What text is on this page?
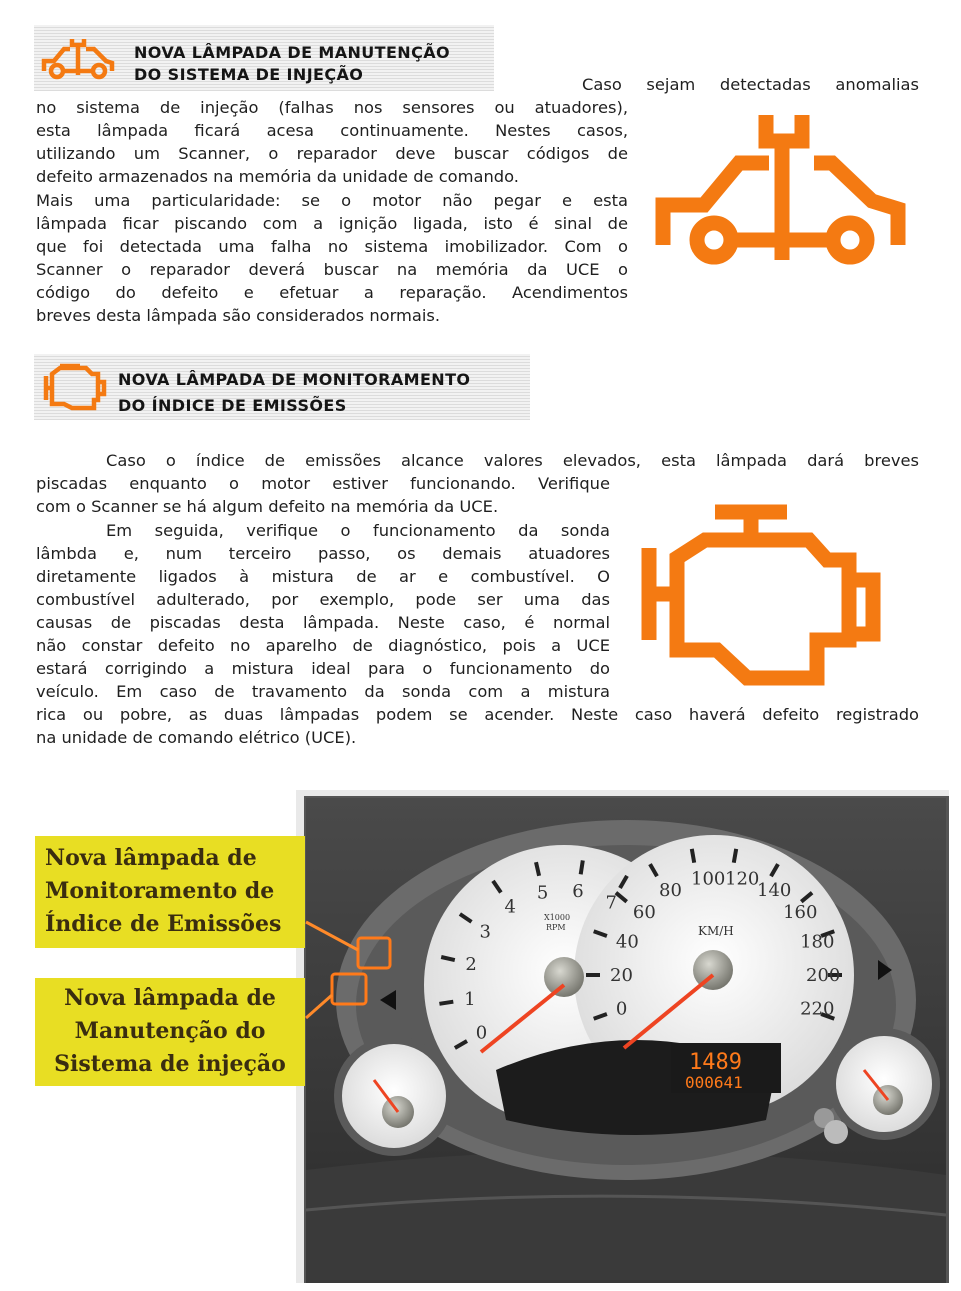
NOVA LÂMPADA DE MANUTENÇÃO
DO SISTEMA DE INJEÇÃO
Caso sejam detectadas anomalias
no sistema de injeção (falhas nos sensores ou atuadores),
esta lâmpada ficará acesa continuamente. Nestes casos,
utilizando um Scanner, o reparador deve buscar códigos de
defeito armazenados na memória da unidade de comando.
Mais uma particularidade: se o motor não pegar e esta
lâmpada ficar piscando com a ignição ligada, isto é sinal de
que foi detectada uma falha no sistema imobilizador. Com o
Scanner o reparador deverá buscar na memória da UCE o
código do defeito e efetuar a reparação. Acendimentos
breves desta lâmpada são considerados normais.
NOVA LÂMPADA DE MONITORAMENTO
DO ÍNDICE DE EMISSÕES
Caso o índice de emissões alcance valores elevados, esta lâmpada dará breves
piscadas enquanto o motor estiver funcionando. Verifique
com o Scanner se há algum defeito na memória da UCE.
Em seguida, verifique o funcionamento da sonda
lâmbda e, num terceiro passo, os demais atuadores
diretamente ligados à mistura de ar e combustível. O
combustível adulterado, por exemplo, pode ser uma das
causas de piscadas desta lâmpada. Neste caso, é normal
não constar defeito no aparelho de diagnóstico, pois a UCE
estará corrigindo a mistura ideal para o funcionamento do
veículo. Em caso de travamento da sonda com a mistura
rica ou pobre, as duas lâmpadas podem se acender. Neste caso haverá defeito registrado
na unidade de comando elétrico (UCE).
0
1
2
3
4
5 6
7
0
20
40
60
80
100 120
140
160
180
200
220
X1000
RPM	KM/H
1489
000641
Nova lâmpada de
Monitoramento de
Índice de Emissões
Nova lâmpada de
Manutenção do
Sistema de injeção
